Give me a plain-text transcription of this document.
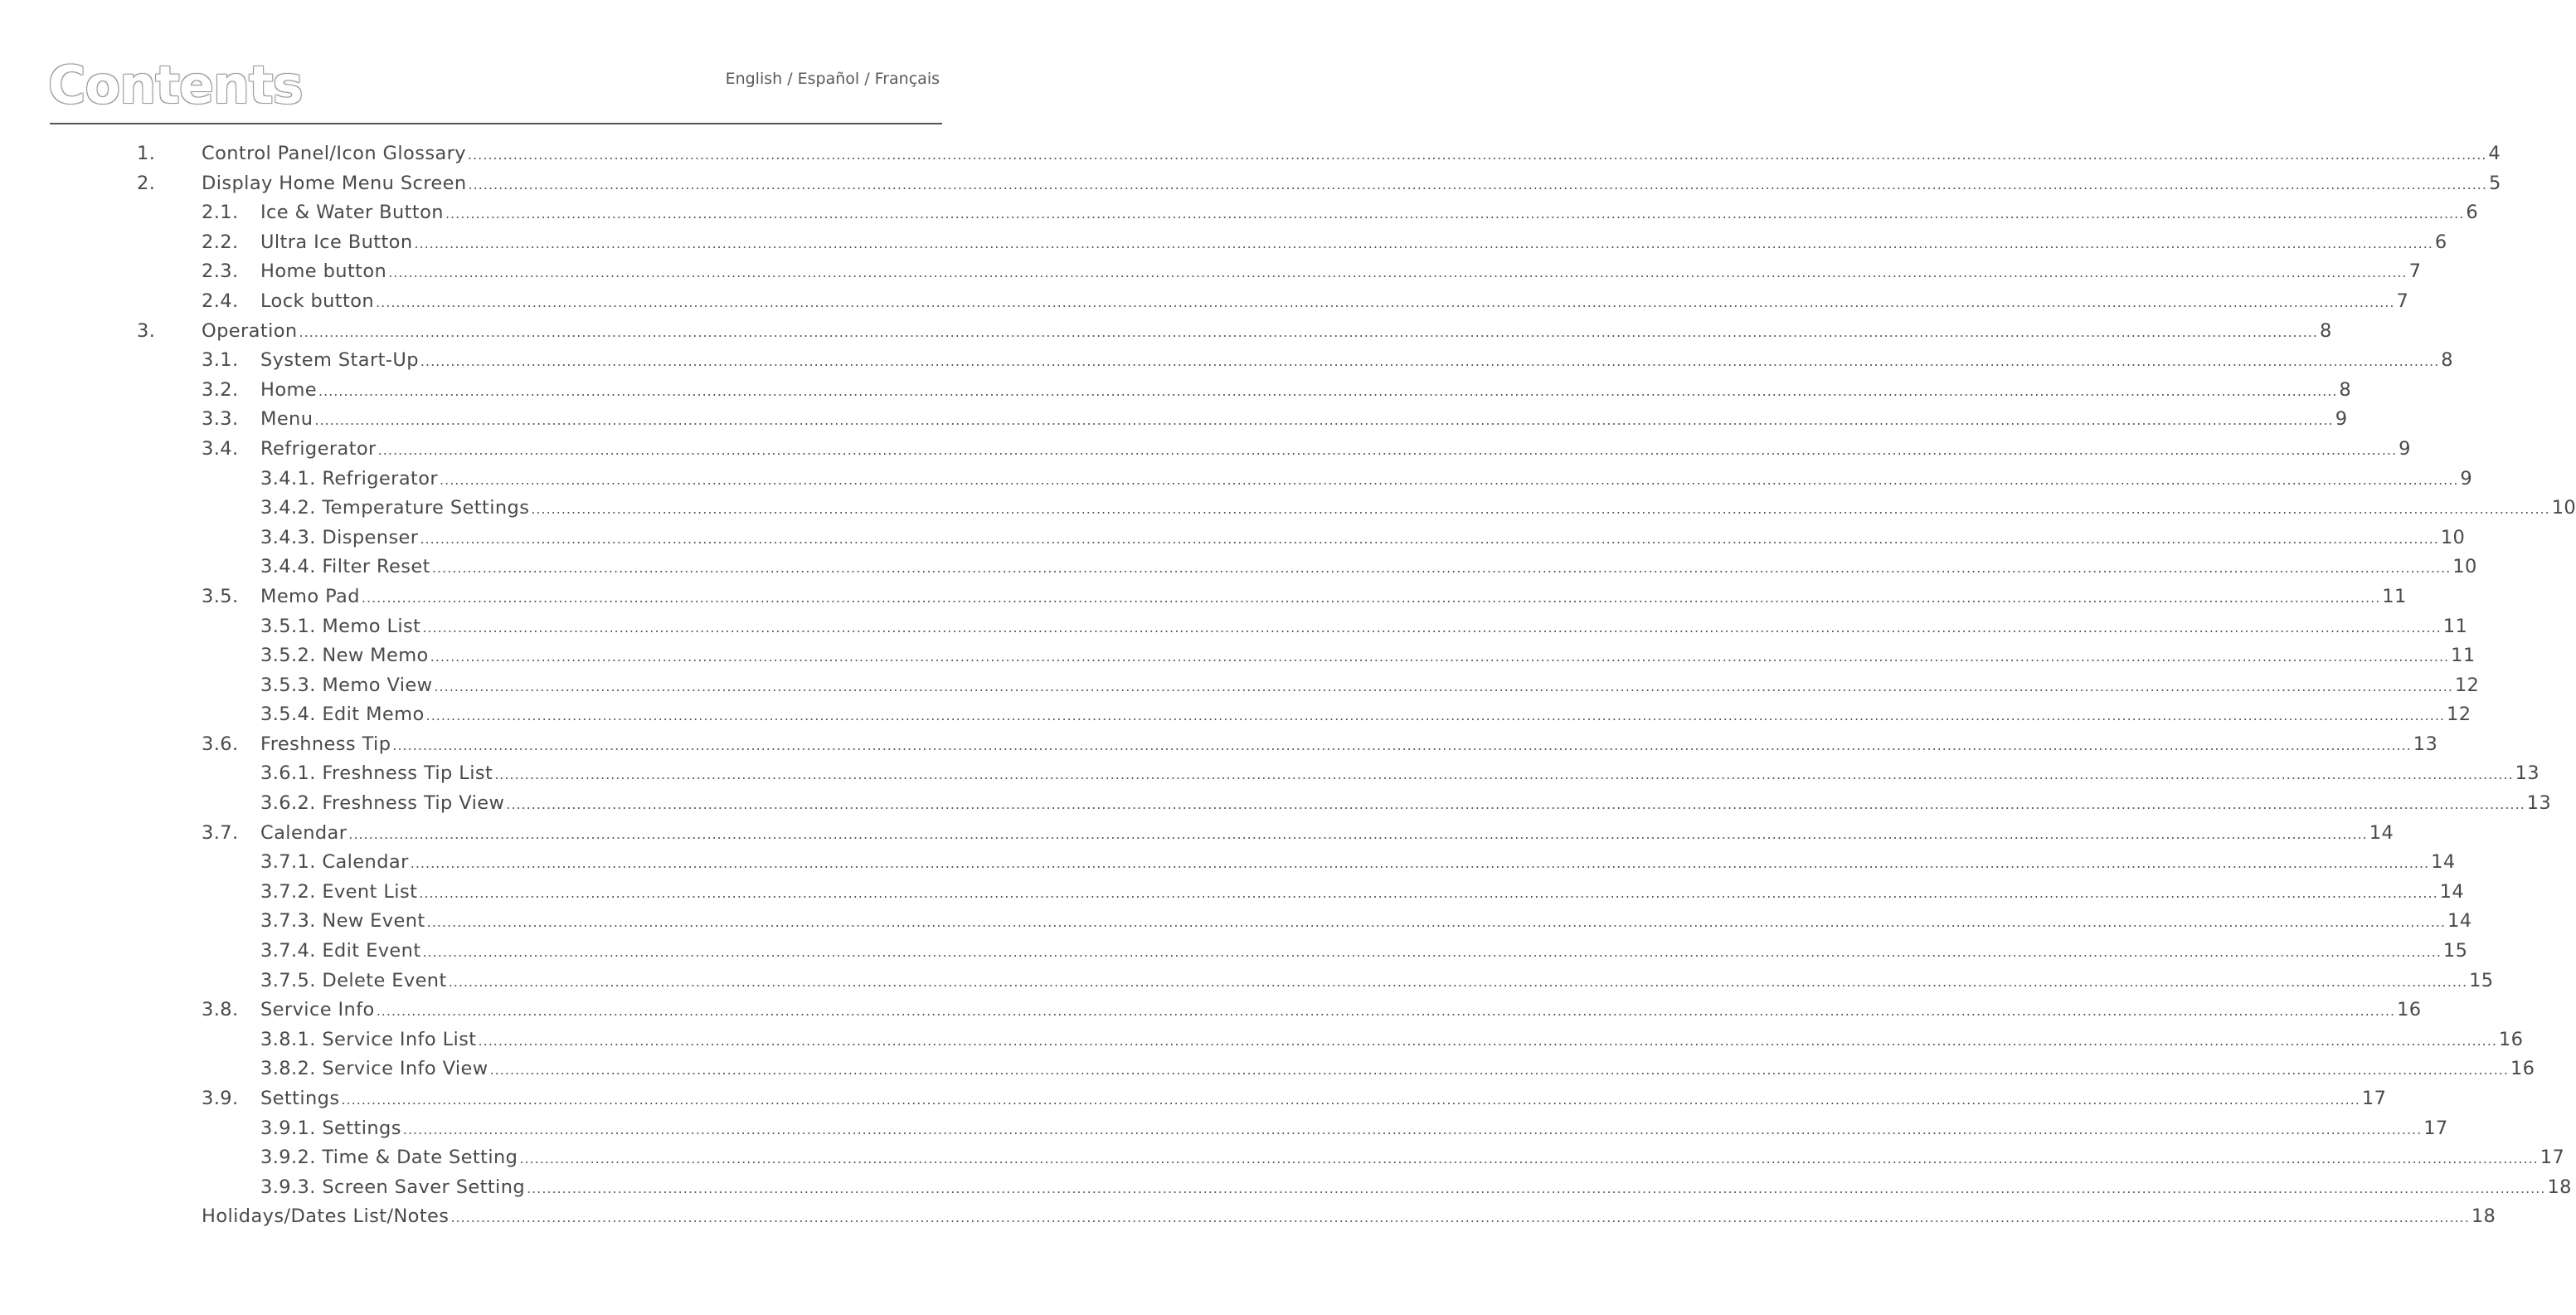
Contents	English / Español / Français
1. Control Panel/Icon Glossary ................................................................................................................................................................................................................................................................................................................................................................................................................ 4
2. Display Home Menu Screen ................................................................................................................................................................................................................................................................................................................................................................................................................ 5
2.1. Ice & Water Button ................................................................................................................................................................................................................................................................................................................................................................................................................ 6
2.2. Ultra Ice Button ................................................................................................................................................................................................................................................................................................................................................................................................................ 6
2.3. Home button ................................................................................................................................................................................................................................................................................................................................................................................................................ 7
2.4. Lock button ................................................................................................................................................................................................................................................................................................................................................................................................................ 7
3. Operation ................................................................................................................................................................................................................................................................................................................................................................................................................ 8
3.1. System Start-Up ................................................................................................................................................................................................................................................................................................................................................................................................................ 8
3.2. Home ................................................................................................................................................................................................................................................................................................................................................................................................................ 8
3.3. Menu ................................................................................................................................................................................................................................................................................................................................................................................................................ 9
3.4. Refrigerator ................................................................................................................................................................................................................................................................................................................................................................................................................ 9
3.4.1. Refrigerator ................................................................................................................................................................................................................................................................................................................................................................................................................ 9
3.4.2. Temperature Settings ................................................................................................................................................................................................................................................................................................................................................................................................................ 10
3.4.3. Dispenser ................................................................................................................................................................................................................................................................................................................................................................................................................ 10
3.4.4. Filter Reset ................................................................................................................................................................................................................................................................................................................................................................................................................ 10
3.5. Memo Pad ................................................................................................................................................................................................................................................................................................................................................................................................................ 11
3.5.1. Memo List ................................................................................................................................................................................................................................................................................................................................................................................................................ 11
3.5.2. New Memo ................................................................................................................................................................................................................................................................................................................................................................................................................ 11
3.5.3. Memo View ................................................................................................................................................................................................................................................................................................................................................................................................................ 12
3.5.4. Edit Memo ................................................................................................................................................................................................................................................................................................................................................................................................................ 12
3.6. Freshness Tip ................................................................................................................................................................................................................................................................................................................................................................................................................ 13
3.6.1. Freshness Tip List ................................................................................................................................................................................................................................................................................................................................................................................................................ 13
3.6.2. Freshness Tip View ................................................................................................................................................................................................................................................................................................................................................................................................................ 13
3.7. Calendar ................................................................................................................................................................................................................................................................................................................................................................................................................ 14
3.7.1. Calendar ................................................................................................................................................................................................................................................................................................................................................................................................................ 14
3.7.2. Event List ................................................................................................................................................................................................................................................................................................................................................................................................................ 14
3.7.3. New Event ................................................................................................................................................................................................................................................................................................................................................................................................................ 14
3.7.4. Edit Event ................................................................................................................................................................................................................................................................................................................................................................................................................ 15
3.7.5. Delete Event ................................................................................................................................................................................................................................................................................................................................................................................................................ 15
3.8. Service Info ................................................................................................................................................................................................................................................................................................................................................................................................................ 16
3.8.1. Service Info List ................................................................................................................................................................................................................................................................................................................................................................................................................ 16
3.8.2. Service Info View ................................................................................................................................................................................................................................................................................................................................................................................................................ 16
3.9. Settings ................................................................................................................................................................................................................................................................................................................................................................................................................ 17
3.9.1. Settings ................................................................................................................................................................................................................................................................................................................................................................................................................ 17
3.9.2. Time & Date Setting ................................................................................................................................................................................................................................................................................................................................................................................................................ 17
3.9.3. Screen Saver Setting ................................................................................................................................................................................................................................................................................................................................................................................................................ 18
Holidays/Dates List/Notes ................................................................................................................................................................................................................................................................................................................................................................................................................ 18
